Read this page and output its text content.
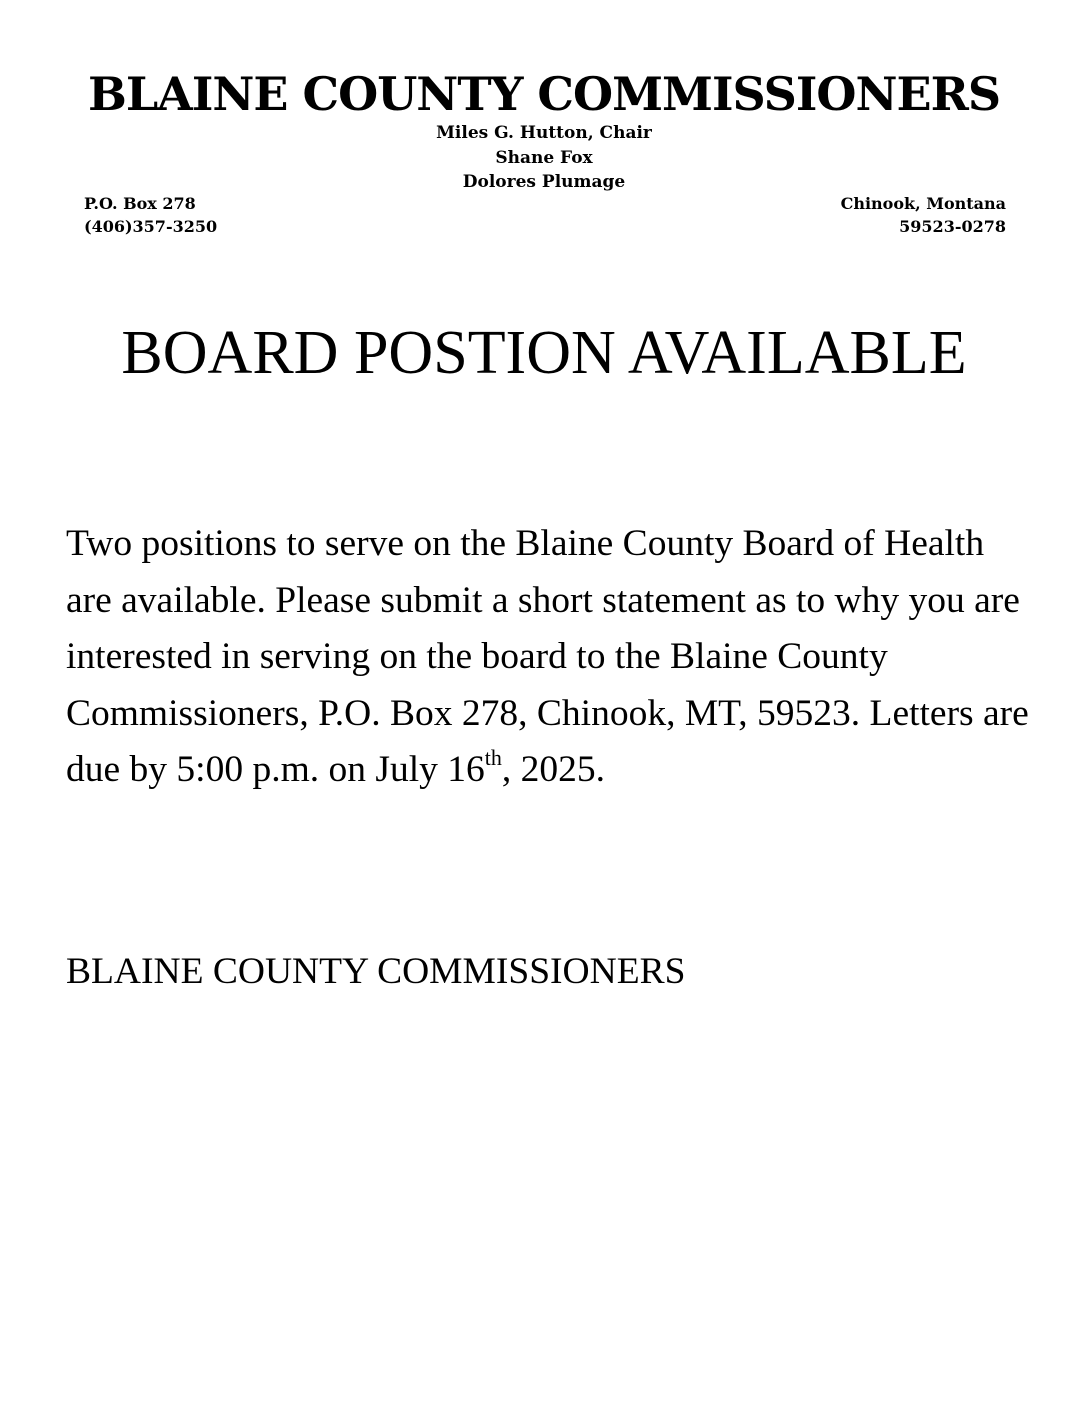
BLAINE COUNTY COMMISSIONERS
Miles G. Hutton, Chair
Shane Fox
Dolores Plumage
P.O. Box 278
(406)357-3250
Chinook, Montana
59523-0278
BOARD POSTION AVAILABLE

Two positions to serve on the Blaine County Board of Health are available. Please submit a short statement as to why you are interested in serving on the board to the Blaine County Commissioners, P.O. Box 278, Chinook, MT, 59523. Letters are due by 5:00 p.m. on July 16th, 2025.

BLAINE COUNTY COMMISSIONERS
